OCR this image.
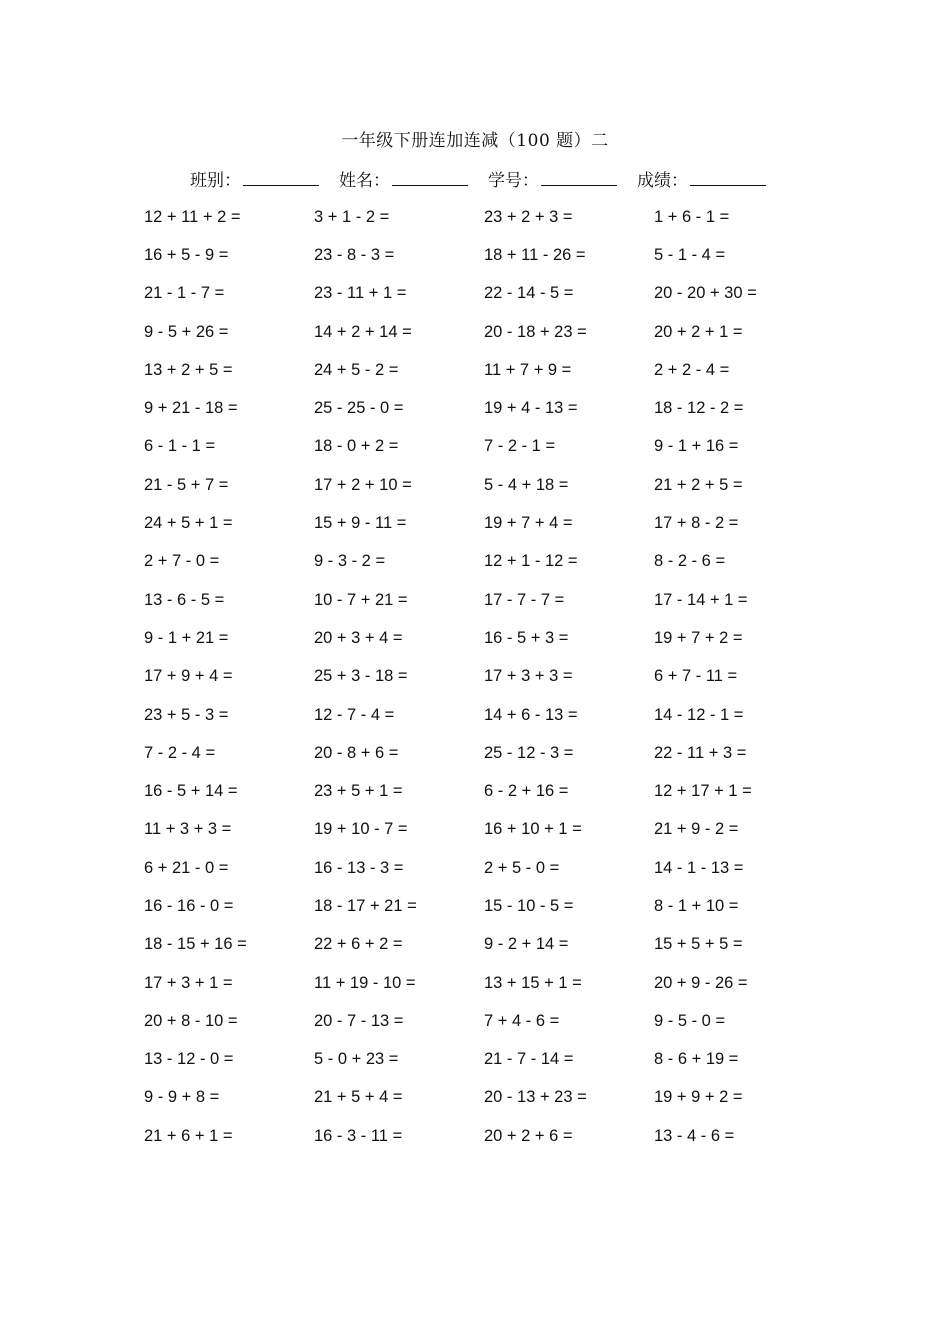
一年级下册连加连减（100 题）二
班别：	姓名：	学号：	成绩：
12 + 11 + 2 =	3 + 1 - 2 =	23 + 2 + 3 =	1 + 6 - 1 =
16 + 5 - 9 =	23 - 8 - 3 =	18 + 11 - 26 =	5 - 1 - 4 =
21 - 1 - 7 =	23 - 11 + 1 =	22 - 14 - 5 =	20 - 20 + 30 =
9 - 5 + 26 =	14 + 2 + 14 =	20 - 18 + 23 =	20 + 2 + 1 =
13 + 2 + 5 =	24 + 5 - 2 =	11 + 7 + 9 =	2 + 2 - 4 =
9 + 21 - 18 =	25 - 25 - 0 =	19 + 4 - 13 =	18 - 12 - 2 =
6 - 1 - 1 =	18 - 0 + 2 =	7 - 2 - 1 =	9 - 1 + 16 =
21 - 5 + 7 =	17 + 2 + 10 =	5 - 4 + 18 =	21 + 2 + 5 =
24 + 5 + 1 =	15 + 9 - 11 =	19 + 7 + 4 =	17 + 8 - 2 =
2 + 7 - 0 =	9 - 3 - 2 =	12 + 1 - 12 =	8 - 2 - 6 =
13 - 6 - 5 =	10 - 7 + 21 =	17 - 7 - 7 =	17 - 14 + 1 =
9 - 1 + 21 =	20 + 3 + 4 =	16 - 5 + 3 =	19 + 7 + 2 =
17 + 9 + 4 =	25 + 3 - 18 =	17 + 3 + 3 =	6 + 7 - 11 =
23 + 5 - 3 =	12 - 7 - 4 =	14 + 6 - 13 =	14 - 12 - 1 =
7 - 2 - 4 =	20 - 8 + 6 =	25 - 12 - 3 =	22 - 11 + 3 =
16 - 5 + 14 =	23 + 5 + 1 =	6 - 2 + 16 =	12 + 17 + 1 =
11 + 3 + 3 =	19 + 10 - 7 =	16 + 10 + 1 =	21 + 9 - 2 =
6 + 21 - 0 =	16 - 13 - 3 =	2 + 5 - 0 =	14 - 1 - 13 =
16 - 16 - 0 =	18 - 17 + 21 =	15 - 10 - 5 =	8 - 1 + 10 =
18 - 15 + 16 =	22 + 6 + 2 =	9 - 2 + 14 =	15 + 5 + 5 =
17 + 3 + 1 =	11 + 19 - 10 =	13 + 15 + 1 =	20 + 9 - 26 =
20 + 8 - 10 =	20 - 7 - 13 =	7 + 4 - 6 =	9 - 5 - 0 =
13 - 12 - 0 =	5 - 0 + 23 =	21 - 7 - 14 =	8 - 6 + 19 =
9 - 9 + 8 =	21 + 5 + 4 =	20 - 13 + 23 =	19 + 9 + 2 =
21 + 6 + 1 =	16 - 3 - 11 =	20 + 2 + 6 =	13 - 4 - 6 =
